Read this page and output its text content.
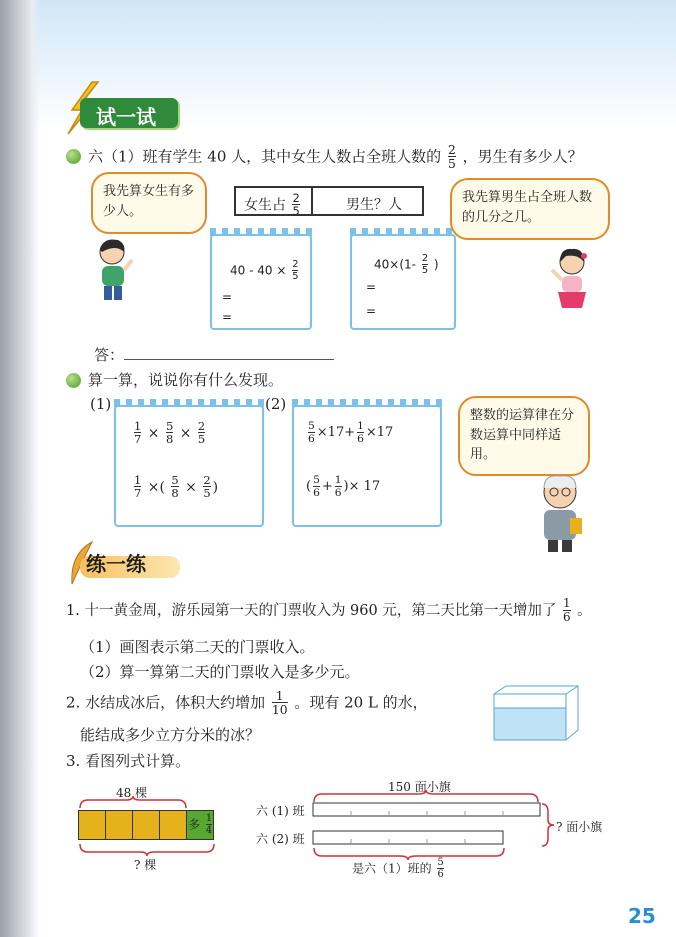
试一试
六（1）班有学生 40 人，其中女生人数占全班人数的 $\frac{2}{5}$ ，男生有多少人？
我先算女生有多少人。	女生占 $\frac{2}{5}$	男生？人
$40 - 40 \times \frac{2}{5}$
=
=
$40\times(1- \frac{2}{5}$ )
=
=
我先算男生占全班人数的几分之几。
答：
算一算，说说你有什么发现。
(1)	(2)
$\frac{1}{7} \times \frac{5}{8} \times \frac{2}{5}$
$\frac{1}{7}$ ×( $\frac{5}{8} \times \frac{2}{5}$ )
$\frac{5}{6} \times 17+ \frac{1}{6} \times 17$
( $\frac{5}{6} + \frac{1}{6}$ )× 17
整数的运算律在分数运算中同样适用。
练一练
1. 十一黄金周，游乐园第一天的门票收入为 960 元，第二天比第一天增加了 $\frac{1}{6}$ 。
（1）画图表示第二天的门票收入。
（2）算一算第二天的门票收入是多少元。
2. 水结成冰后，体积大约增加 $\frac{1}{10}$ 。现有 20 L 的水，
能结成多少立方分米的冰？
3. 看图列式计算。
48 棵
多 $\frac{1}{4}$
? 棵
150 面小旗
六 (1) 班
六 (2) 班
? 面小旗
是六（1）班的 $\frac{5}{6}$
25
